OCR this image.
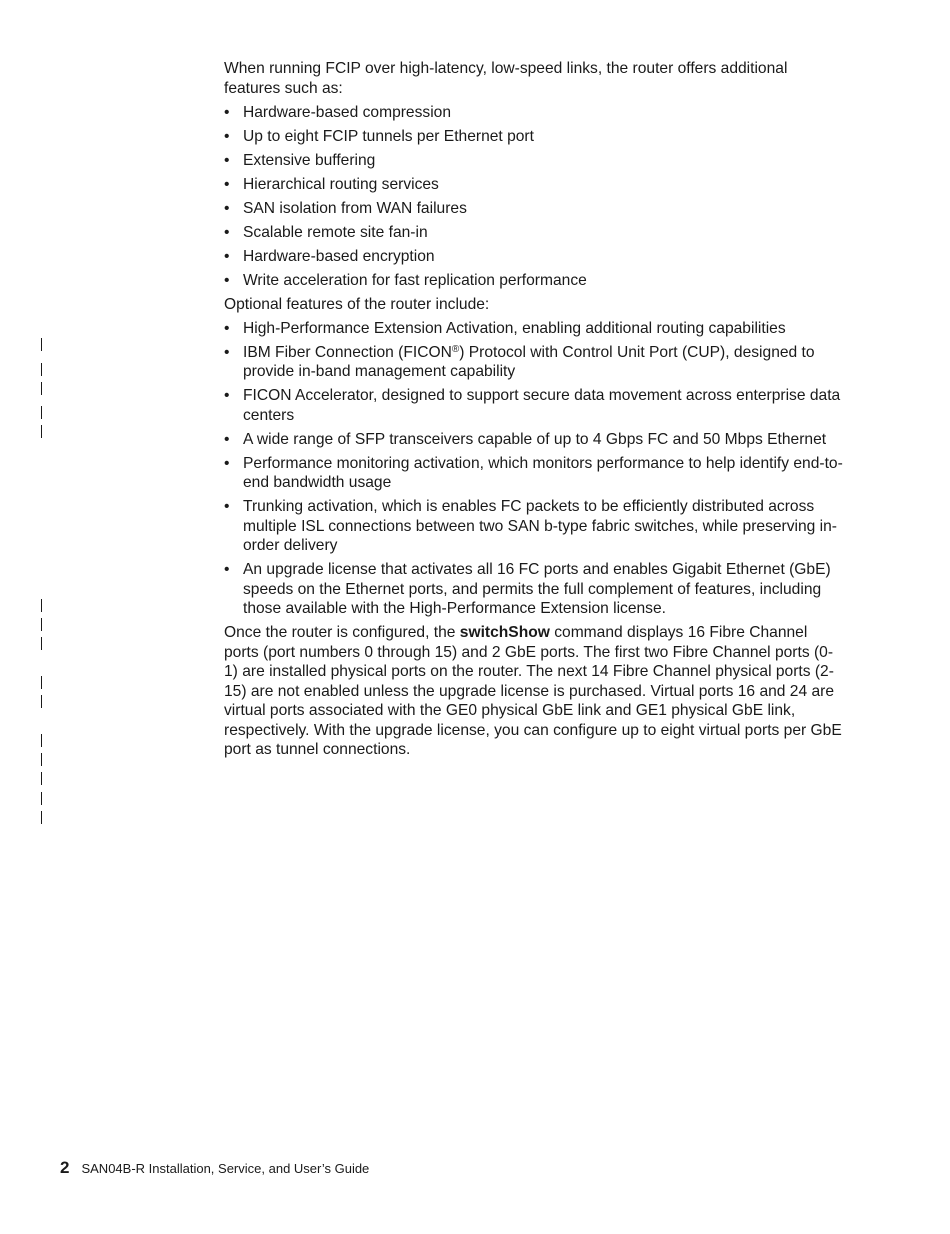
When running FCIP over high-latency, low-speed links, the router offers additional features such as:

• Hardware-based compression
• Up to eight FCIP tunnels per Ethernet port
• Extensive buffering
• Hierarchical routing services
• SAN isolation from WAN failures
• Scalable remote site fan-in
• Hardware-based encryption
• Write acceleration for fast replication performance

Optional features of the router include:

• High-Performance Extension Activation, enabling additional routing capabilities
• IBM Fiber Connection (FICON®) Protocol with Control Unit Port (CUP), designed to provide in-band management capability
• FICON Accelerator, designed to support secure data movement across enterprise data centers
• A wide range of SFP transceivers capable of up to 4 Gbps FC and 50 Mbps Ethernet
• Performance monitoring activation, which monitors performance to help identify end-to-end bandwidth usage
• Trunking activation, which is enables FC packets to be efficiently distributed across multiple ISL connections between two SAN b-type fabric switches, while preserving in-order delivery
• An upgrade license that activates all 16 FC ports and enables Gigabit Ethernet (GbE) speeds on the Ethernet ports, and permits the full complement of features, including those available with the High-Performance Extension license.

Once the router is configured, the switchShow command displays 16 Fibre Channel ports (port numbers 0 through 15) and 2 GbE ports. The first two Fibre Channel ports (0-1) are installed physical ports on the router. The next 14 Fibre Channel physical ports (2-15) are not enabled unless the upgrade license is purchased. Virtual ports 16 and 24 are virtual ports associated with the GE0 physical GbE link and GE1 physical GbE link, respectively. With the upgrade license, you can configure up to eight virtual ports per GbE port as tunnel connections.

2 SAN04B-R Installation, Service, and User’s Guide
